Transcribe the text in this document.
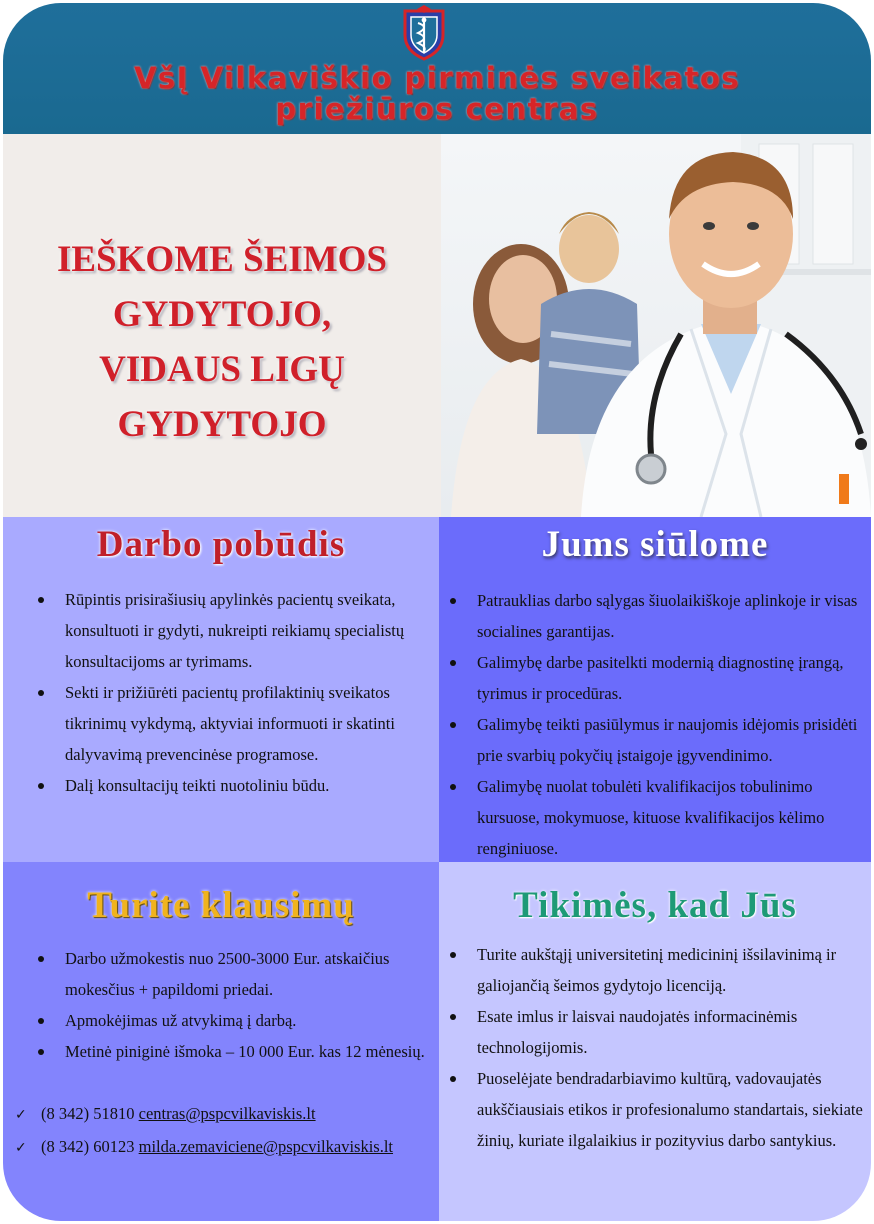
VšĮ Vilkaviškio pirminės sveikatos
priežiūros centras
IEŠKOME ŠEIMOS
GYDYTOJO,
VIDAUS LIGŲ
GYDYTOJO
Darbo pobūdis
Rūpintis prisirašiusių apylinkės pacientų sveikata, konsultuoti ir gydyti, nukreipti reikiamų specialistų konsultacijoms ar tyrimams.
Sekti ir prižiūrėti pacientų profilaktinių sveikatos tikrinimų vykdymą, aktyviai informuoti ir skatinti dalyvavimą prevencinėse programose.
Dalį konsultacijų teikti nuotoliniu būdu.
Jums siūlome
Patrauklias darbo sąlygas šiuolaikiškoje aplinkoje ir visas socialines garantijas.
Galimybę darbe pasitelkti modernią diagnostinę įrangą, tyrimus ir procedūras.
Galimybę teikti pasiūlymus ir naujomis idėjomis prisidėti prie svarbių pokyčių įstaigoje įgyvendinimo.
Galimybę nuolat tobulėti kvalifikacijos tobulinimo kursuose, mokymuose, kituose kvalifikacijos kėlimo renginiuose.
Turite klausimų
Darbo užmokestis nuo 2500-3000 Eur. atskaičius mokesčius + papildomi priedai.
Apmokėjimas už atvykimą į darbą.
Metinė piniginė išmoka – 10 000 Eur. kas 12 mėnesių.
✓ (8 342) 51810 centras@pspcvilkaviskis.lt
✓ (8 342) 60123 milda.zemaviciene@pspcvilkaviskis.lt
Tikimės, kad Jūs
Turite aukštąjį universitetinį medicininį išsilavinimą ir galiojančią šeimos gydytojo licenciją.
Esate imlus ir laisvai naudojatės informacinėmis technologijomis.
Puoselėjate bendradarbiavimo kultūrą, vadovaujatės aukščiausiais etikos ir profesionalumo standartais, siekiate žinių, kuriate ilgalaikius ir pozityvius darbo santykius.
